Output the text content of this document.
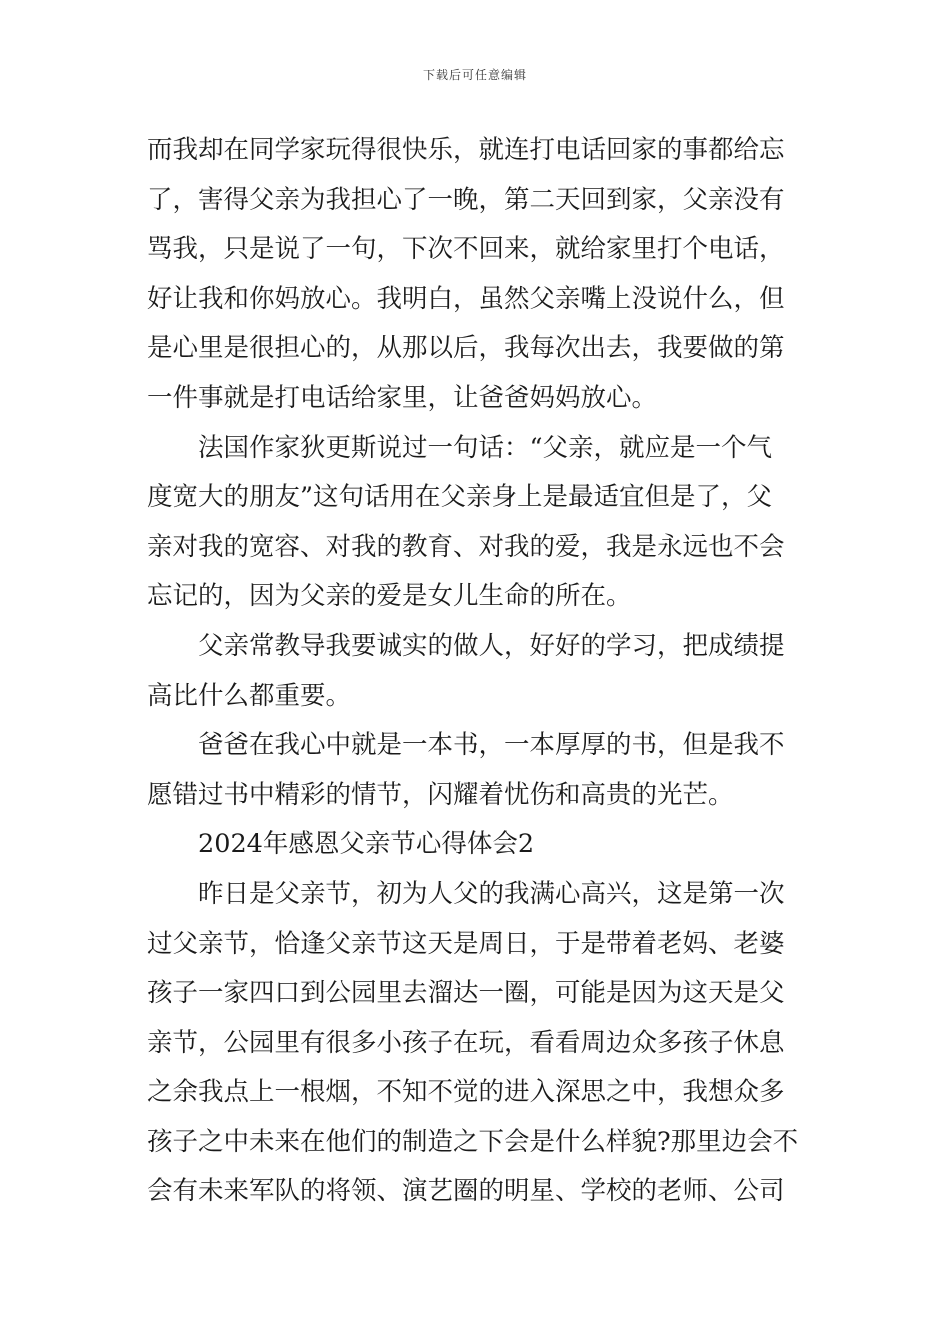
下载后可任意编辑
而我却在同学家玩得很快乐，就连打电话回家的事都给忘
了，害得父亲为我担心了一晚，第二天回到家，父亲没有
骂我，只是说了一句，下次不回来，就给家里打个电话，
好让我和你妈放心。我明白，虽然父亲嘴上没说什么，但
是心里是很担心的，从那以后，我每次出去，我要做的第
一件事就是打电话给家里，让爸爸妈妈放心。
法国作家狄更斯说过一句话：“父亲，就应是一个气
度宽大的朋友”这句话用在父亲身上是最适宜但是了，父
亲对我的宽容、对我的教育、对我的爱，我是永远也不会
忘记的，因为父亲的爱是女儿生命的所在。
父亲常教导我要诚实的做人，好好的学习，把成绩提
高比什么都重要。
爸爸在我心中就是一本书，一本厚厚的书，但是我不
愿错过书中精彩的情节，闪耀着忧伤和高贵的光芒。
2024年感恩父亲节心得体会2
昨日是父亲节，初为人父的我满心高兴，这是第一次
过父亲节，恰逢父亲节这天是周日，于是带着老妈、老婆
孩子一家四口到公园里去溜达一圈，可能是因为这天是父
亲节，公园里有很多小孩子在玩，看看周边众多孩子休息
之余我点上一根烟，不知不觉的进入深思之中，我想众多
孩子之中未来在他们的制造之下会是什么样貌?那里边会不
会有未来军队的将领、演艺圈的明星、学校的老师、公司
